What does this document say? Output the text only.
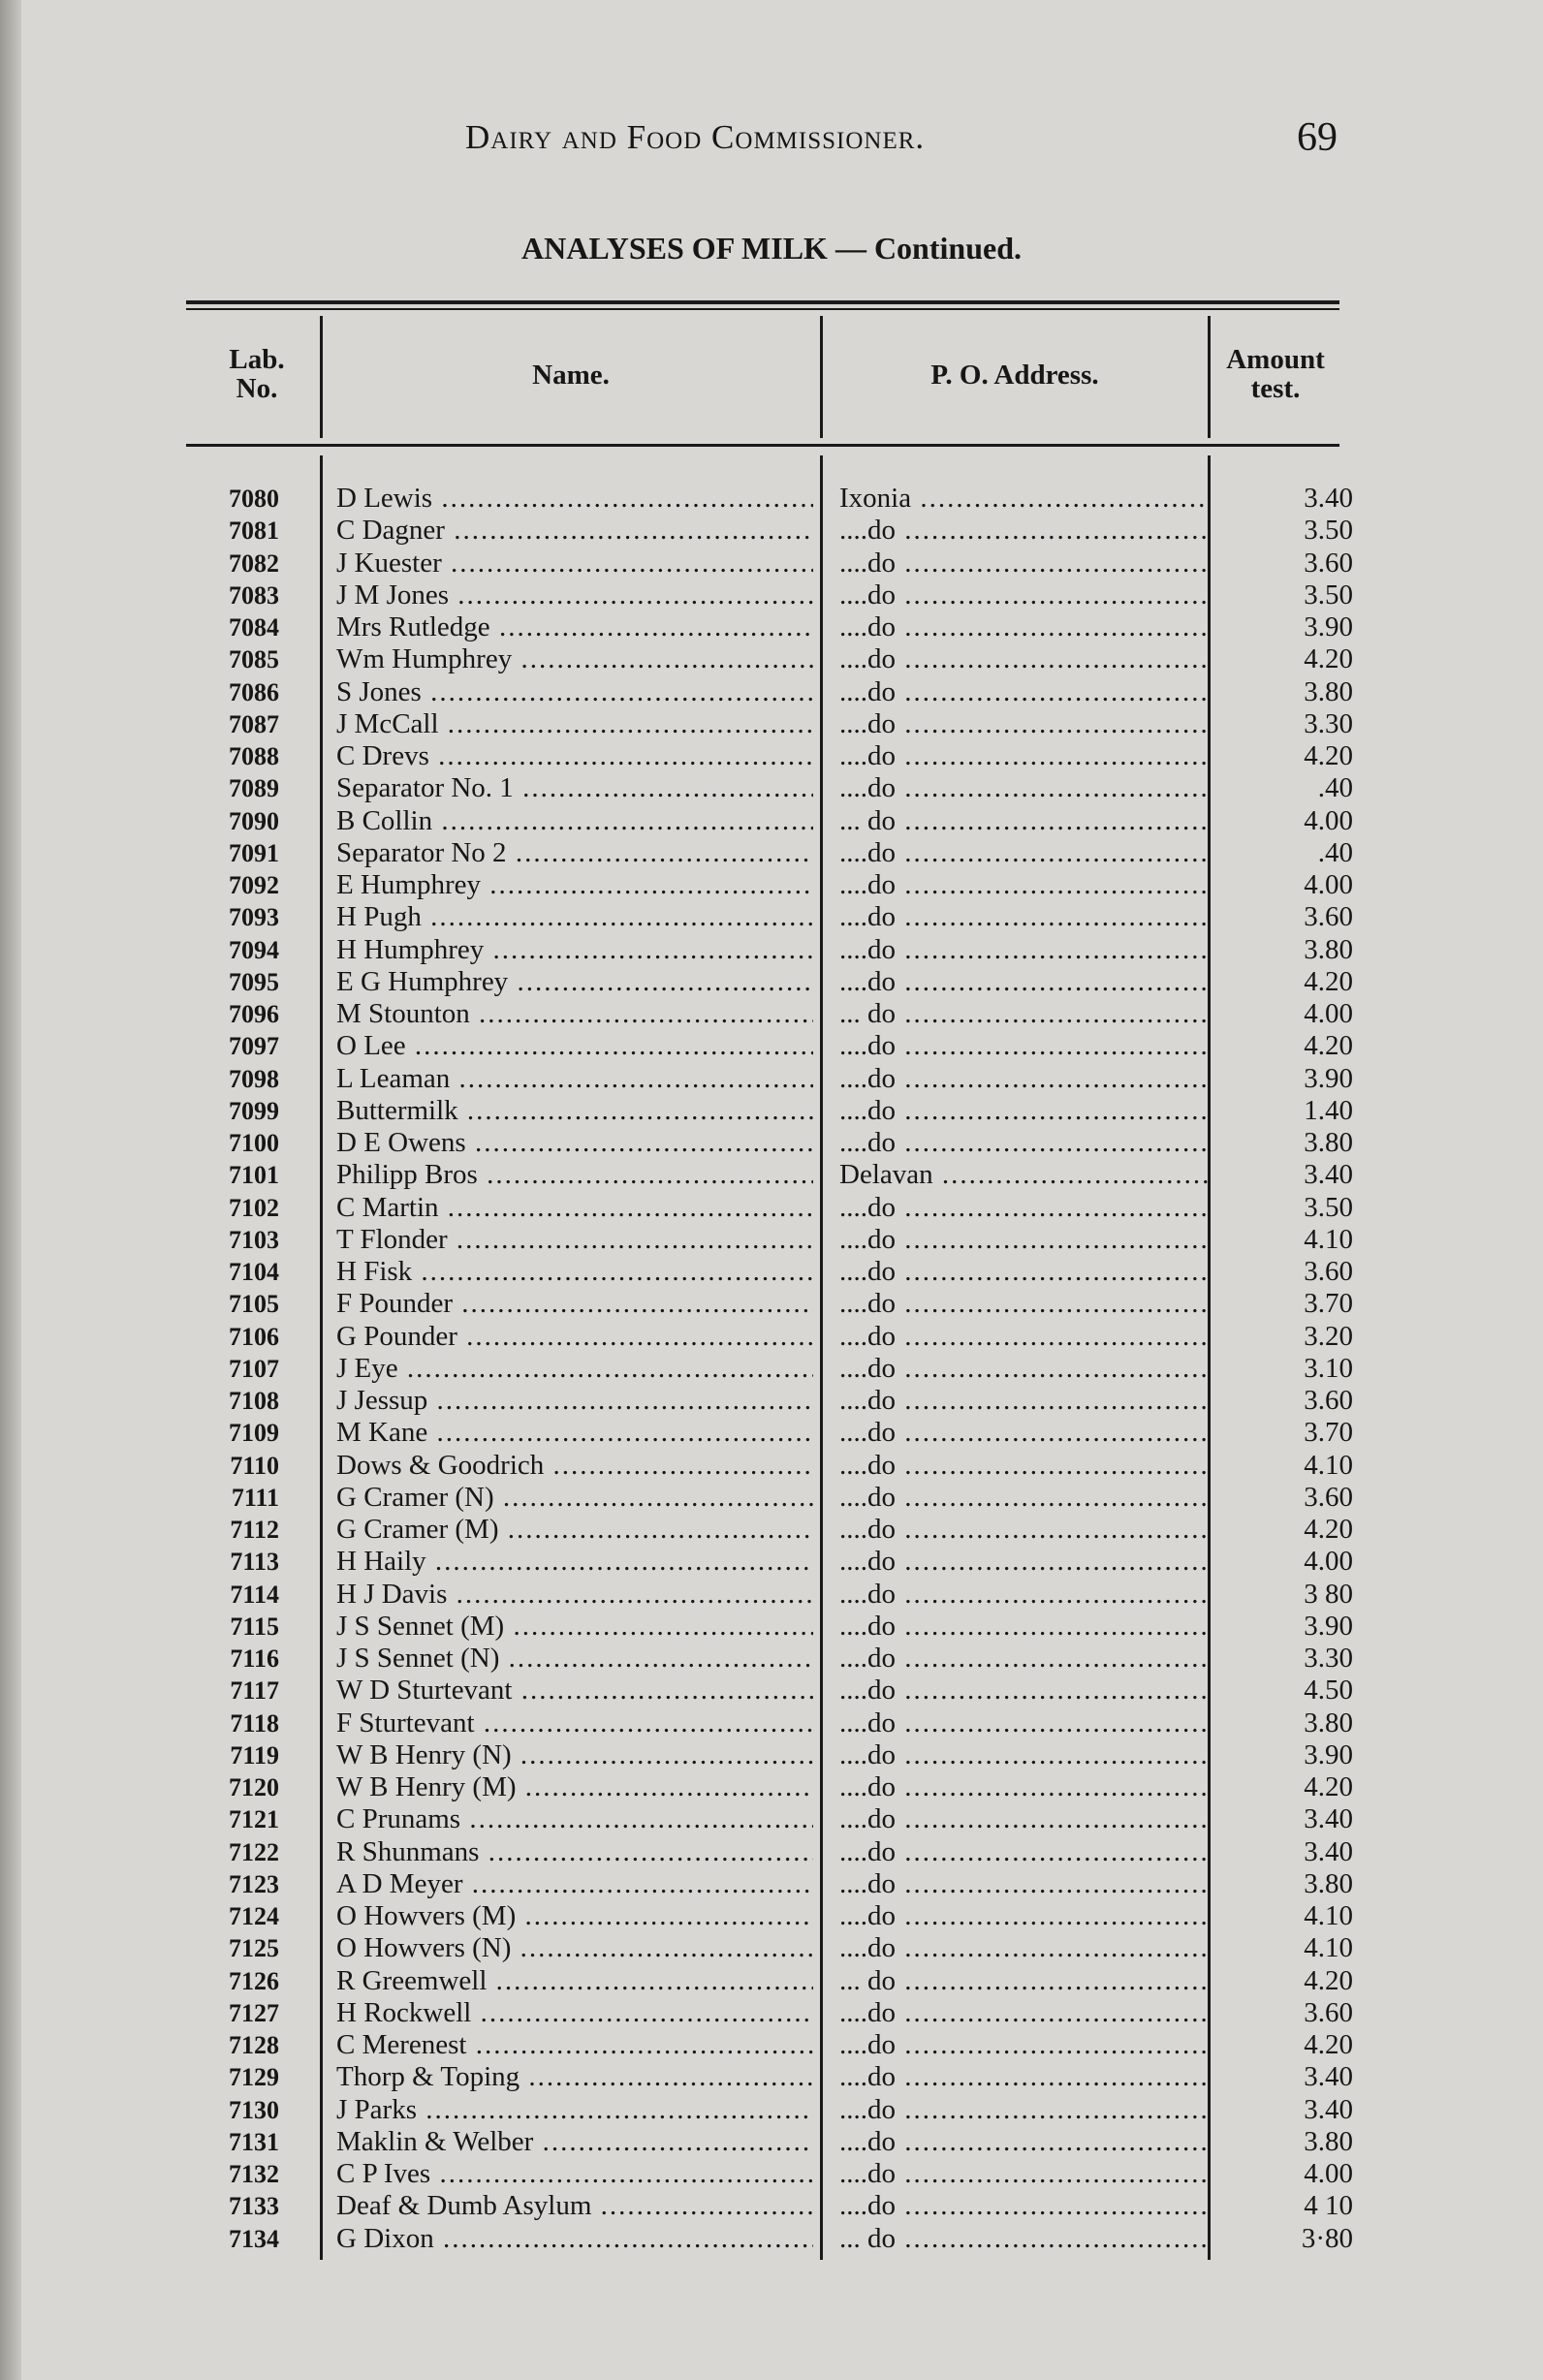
Dairy and Food Commissioner.	69
ANALYSES OF MILK — Continued.
Lab. No.	Name.	P. O. Address.	Amount test.
7080 D Lewis .....	Ixonia .....	3.40
7081 C Dagner .....	....do .....	3.50
7082 J Kuester .....	....do .....	3.60
7083 J M Jones .....	....do .....	3.50
7084 Mrs Rutledge .....	....do .....	3.90
7085 Wm Humphrey .....	....do .....	4.20
7086 S Jones .....	....do .....	3.80
7087 J McCall .....	....do .....	3.30
7088 C Drevs .....	....do .....	4.20
7089 Separator No. 1 .....	....do .....	.40
7090 B Collin .....	... do .....	4.00
7091 Separator No 2 .....	....do .....	.40
7092 E Humphrey .....	....do .....	4.00
7093 H Pugh .....	....do .....	3.60
7094 H Humphrey .....	....do .....	3.80
7095 E G Humphrey .....	....do .....	4.20
7096 M Stounton .....	... do .....	4.00
7097 O Lee .....	....do .....	4.20
7098 L Leaman .....	....do .....	3.90
7099 Buttermilk .....	....do .....	1.40
7100 D E Owens .....	....do .....	3.80
7101 Philipp Bros .....	Delavan .....	3.40
7102 C Martin .....	....do .....	3.50
7103 T Flonder .....	....do .....	4.10
7104 H Fisk .....	....do .....	3.60
7105 F Pounder .....	....do .....	3.70
7106 G Pounder .....	....do .....	3.20
7107 J Eye .....	....do .....	3.10
7108 J Jessup .....	....do .....	3.60
7109 M Kane .....	....do .....	3.70
7110 Dows & Goodrich .....	....do .....	4.10
7111 G Cramer (N) .....	....do .....	3.60
7112 G Cramer (M) .....	....do .....	4.20
7113 H Haily .....	....do .....	4.00
7114 H J Davis .....	....do .....	3 80
7115 J S Sennet (M) .....	....do .....	3.90
7116 J S Sennet (N) .....	....do .....	3.30
7117 W D Sturtevant .....	....do .....	4.50
7118 F Sturtevant .....	....do .....	3.80
7119 W B Henry (N) .....	....do .....	3.90
7120 W B Henry (M) .....	....do .....	4.20
7121 C Prunams .....	....do .....	3.40
7122 R Shunmans .....	....do .....	3.40
7123 A D Meyer .....	....do .....	3.80
7124 O Howvers (M) .....	....do .....	4.10
7125 O Howvers (N) .....	....do .....	4.10
7126 R Greemwell .....	... do .....	4.20
7127 H Rockwell .....	....do .....	3.60
7128 C Merenest .....	....do .....	4.20
7129 Thorp & Toping .....	....do .....	3.40
7130 J Parks .....	....do .....	3.40
7131 Maklin & Welber .....	....do .....	3.80
7132 C P Ives .....	....do .....	4.00
7133 Deaf & Dumb Asylum .....	....do .....	4 10
7134 G Dixon .....	... do .....	3·80
